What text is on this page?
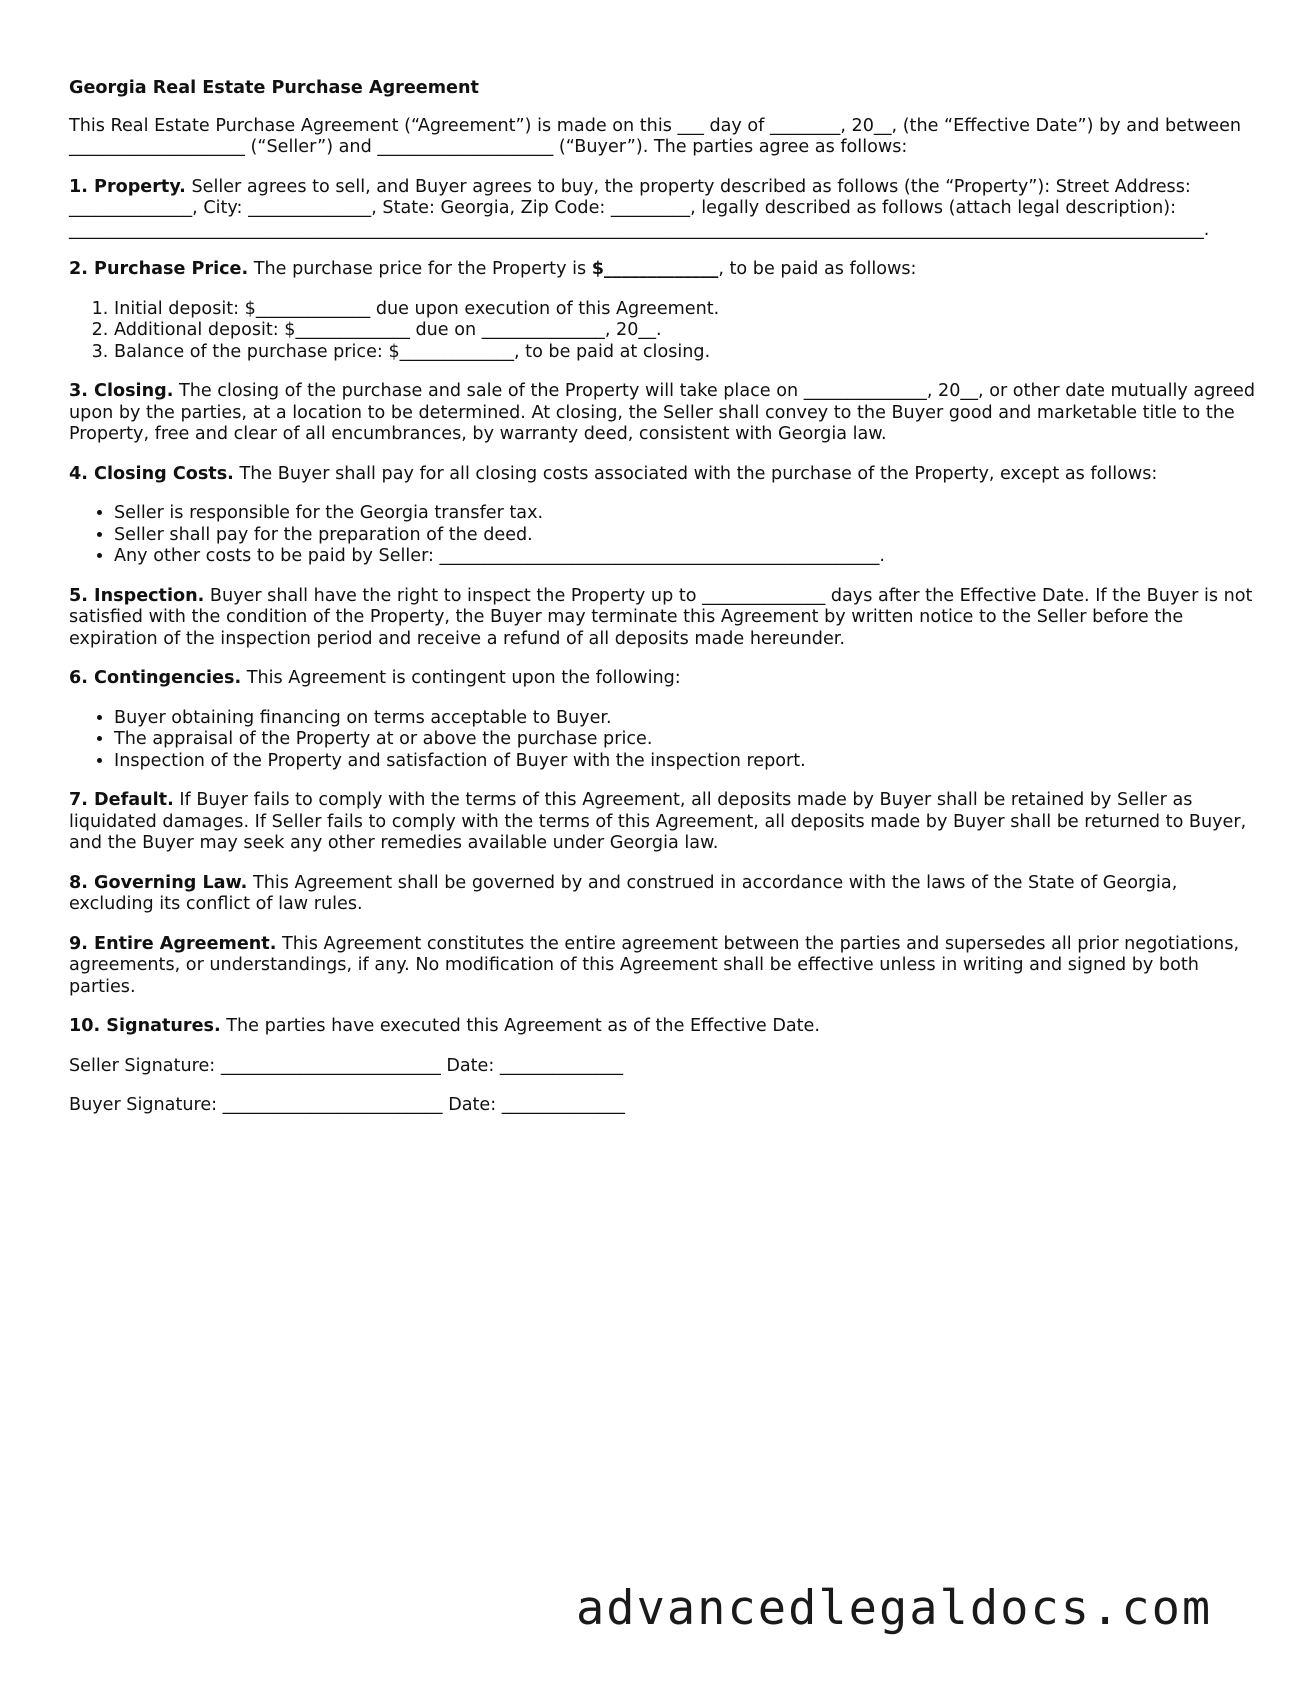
Georgia Real Estate Purchase Agreement

This Real Estate Purchase Agreement (“Agreement”) is made on this ___ day of ________, 20__, (the “Effective Date”) by and between ____________________ (“Seller”) and ____________________ (“Buyer”). The parties agree as follows:

1. Property. Seller agrees to sell, and Buyer agrees to buy, the property described as follows (the “Property”): Street Address: ______________, City: ______________, State: Georgia, Zip Code: _________, legally described as follows (attach legal description): _________________________________________________________________________________________________________________________________.

2. Purchase Price. The purchase price for the Property is $_____________, to be paid as follows:

1. Initial deposit: $_____________ due upon execution of this Agreement.
2. Additional deposit: $_____________ due on ______________, 20__.
3. Balance of the purchase price: $_____________, to be paid at closing.

3. Closing. The closing of the purchase and sale of the Property will take place on ______________, 20__, or other date mutually agreed upon by the parties, at a location to be determined. At closing, the Seller shall convey to the Buyer good and marketable title to the Property, free and clear of all encumbrances, by warranty deed, consistent with Georgia law.

4. Closing Costs. The Buyer shall pay for all closing costs associated with the purchase of the Property, except as follows:

• Seller is responsible for the Georgia transfer tax.
• Seller shall pay for the preparation of the deed.
• Any other costs to be paid by Seller: __________________________________________________.

5. Inspection. Buyer shall have the right to inspect the Property up to ______________ days after the Effective Date. If the Buyer is not satisfied with the condition of the Property, the Buyer may terminate this Agreement by written notice to the Seller before the expiration of the inspection period and receive a refund of all deposits made hereunder.

6. Contingencies. This Agreement is contingent upon the following:

• Buyer obtaining financing on terms acceptable to Buyer.
• The appraisal of the Property at or above the purchase price.
• Inspection of the Property and satisfaction of Buyer with the inspection report.

7. Default. If Buyer fails to comply with the terms of this Agreement, all deposits made by Buyer shall be retained by Seller as liquidated damages. If Seller fails to comply with the terms of this Agreement, all deposits made by Buyer shall be returned to Buyer, and the Buyer may seek any other remedies available under Georgia law.

8. Governing Law. This Agreement shall be governed by and construed in accordance with the laws of the State of Georgia, excluding its conflict of law rules.

9. Entire Agreement. This Agreement constitutes the entire agreement between the parties and supersedes all prior negotiations, agreements, or understandings, if any. No modification of this Agreement shall be effective unless in writing and signed by both parties.

10. Signatures. The parties have executed this Agreement as of the Effective Date.

Seller Signature: _________________________ Date: ______________
Buyer Signature: _________________________ Date: ______________
advancedlegaldocs.com
